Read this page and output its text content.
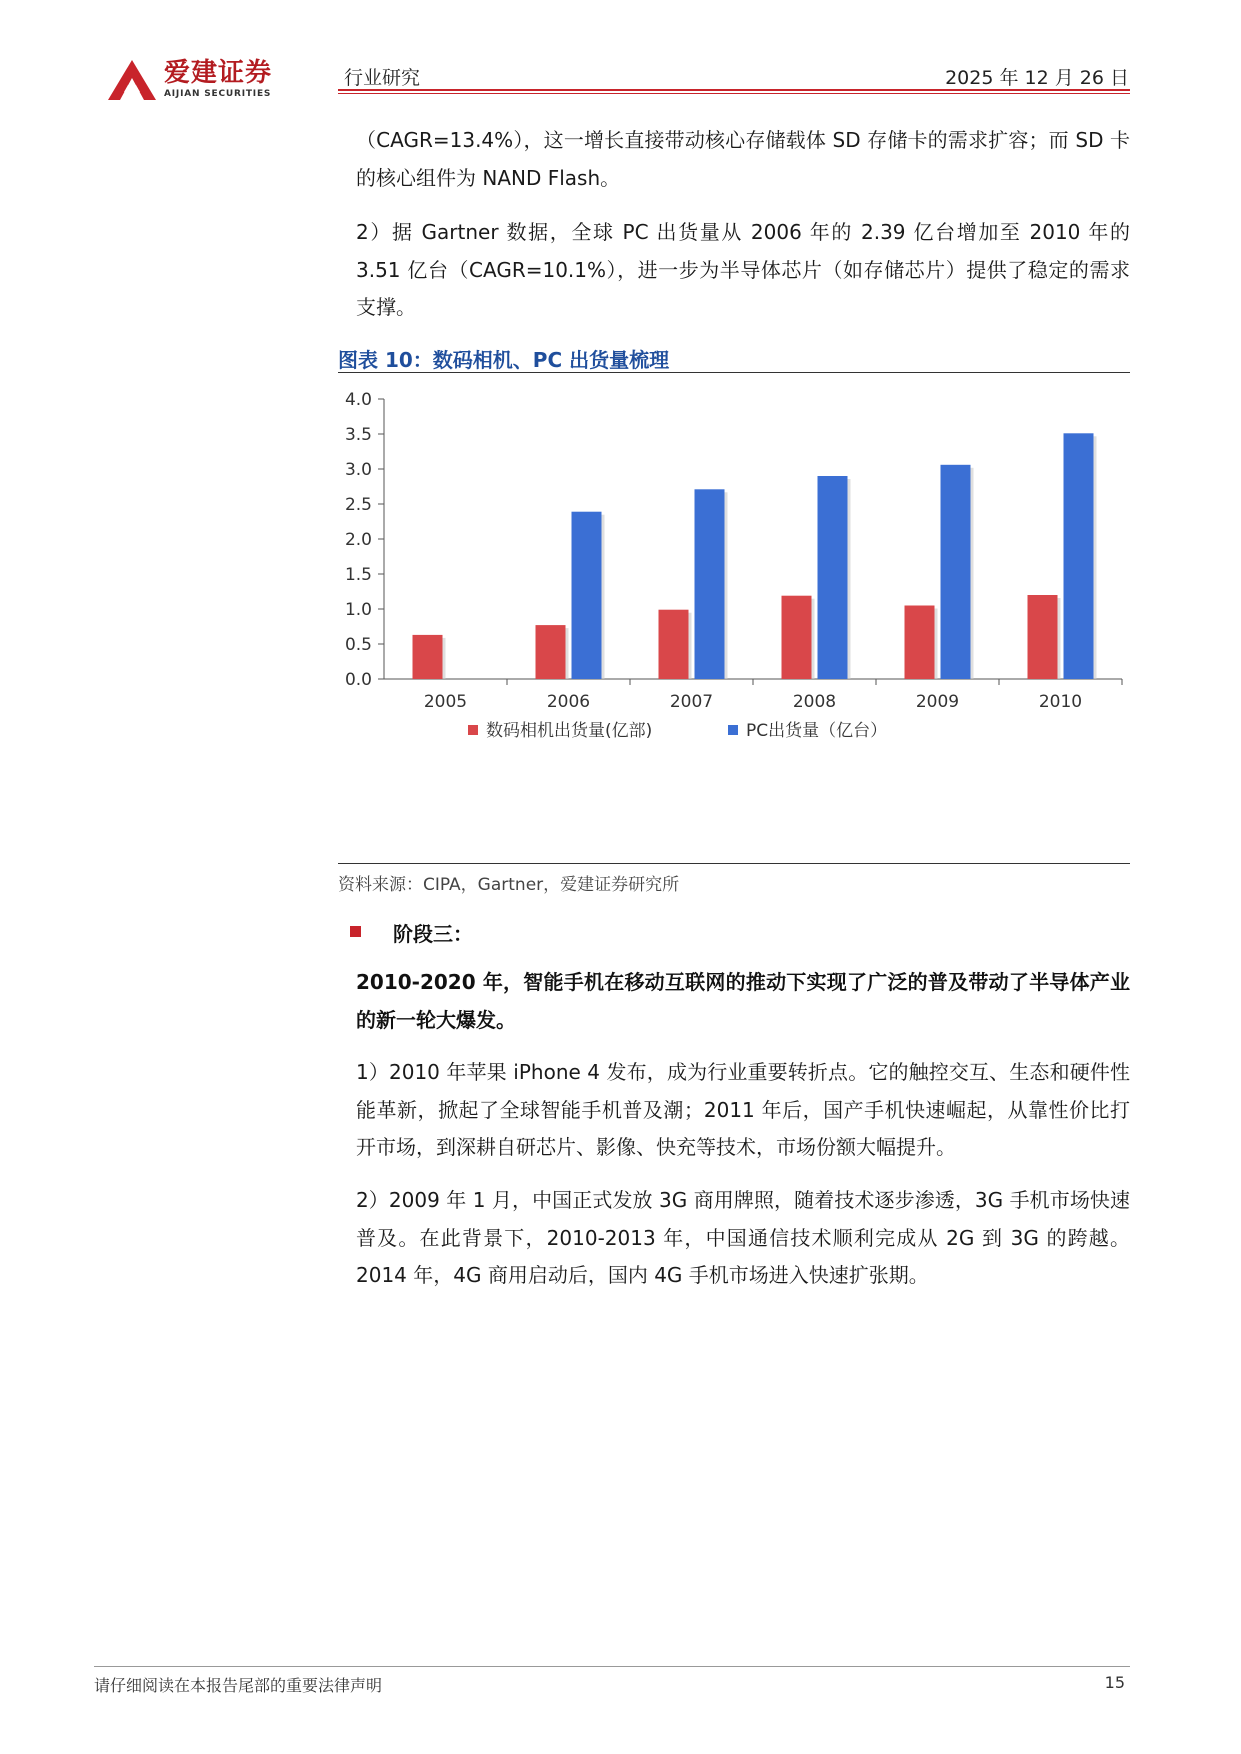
爱建证券
AIJIAN SECURITIES
行业研究	2025 年 12 月 26 日
（CAGR=13.4%），这一增长直接带动核心存储载体 SD 存储卡的需求扩容；而 SD 卡的核心组件为 NAND Flash。
2）据 Gartner 数据，全球 PC 出货量从 2006 年的 2.39 亿台增加至 2010 年的 3.51 亿台（CAGR=10.1%），进一步为半导体芯片（如存储芯片）提供了稳定的需求支撑。
图表 10：数码相机、PC 出货量梳理
0.0
0.5
1.0
1.5
2.0
2.5
3.0
3.5
4.0
2005	2006	2007	2008	2009	2010
数码相机出货量(亿部)	PC出货量（亿台）
资料来源：CIPA，Gartner，爱建证券研究所
阶段三：
2010-2020 年，智能手机在移动互联网的推动下实现了广泛的普及带动了半导体产业的新一轮大爆发。
1）2010 年苹果 iPhone 4 发布，成为行业重要转折点。它的触控交互、生态和硬件性能革新，掀起了全球智能手机普及潮；2011 年后，国产手机快速崛起，从靠性价比打开市场，到深耕自研芯片、影像、快充等技术，市场份额大幅提升。
2）2009 年 1 月，中国正式发放 3G 商用牌照，随着技术逐步渗透，3G 手机市场快速普及。在此背景下，2010-2013 年，中国通信技术顺利完成从 2G 到 3G 的跨越。2014 年，4G 商用启动后，国内 4G 手机市场进入快速扩张期。
请仔细阅读在本报告尾部的重要法律声明	15
